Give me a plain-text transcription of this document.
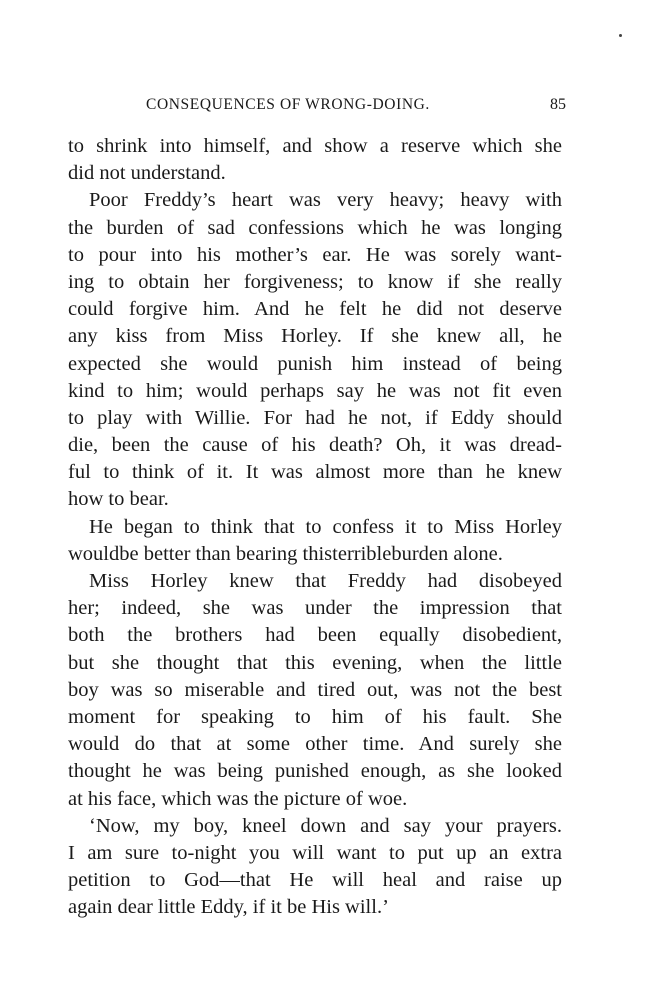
CONSEQUENCES OF WRONG-DOING.	85
to shrink into himself, and show a reserve which she
did not understand.
Poor Freddy’s heart was very heavy; heavy with
the burden of sad confessions which he was longing
to pour into his mother’s ear. He was sorely want-
ing to obtain her forgiveness; to know if she really
could forgive him. And he felt he did not deserve
any kiss from Miss Horley. If she knew all, he
expected she would punish him instead of being
kind to him; would perhaps say he was not fit even
to play with Willie. For had he not, if Eddy should
die, been the cause of his death? Oh, it was dread-
ful to think of it. It was almost more than he knew
how to bear.
He began to think that to confess it to Miss Horley
wouldbe better than bearing thisterribleburden alone.
Miss Horley knew that Freddy had disobeyed
her; indeed, she was under the impression that
both the brothers had been equally disobedient,
but she thought that this evening, when the little
boy was so miserable and tired out, was not the best
moment for speaking to him of his fault. She
would do that at some other time. And surely she
thought he was being punished enough, as she looked
at his face, which was the picture of woe.
‘Now, my boy, kneel down and say your prayers.
I am sure to-night you will want to put up an extra
petition to God—that He will heal and raise up
again dear little Eddy, if it be His will.’
